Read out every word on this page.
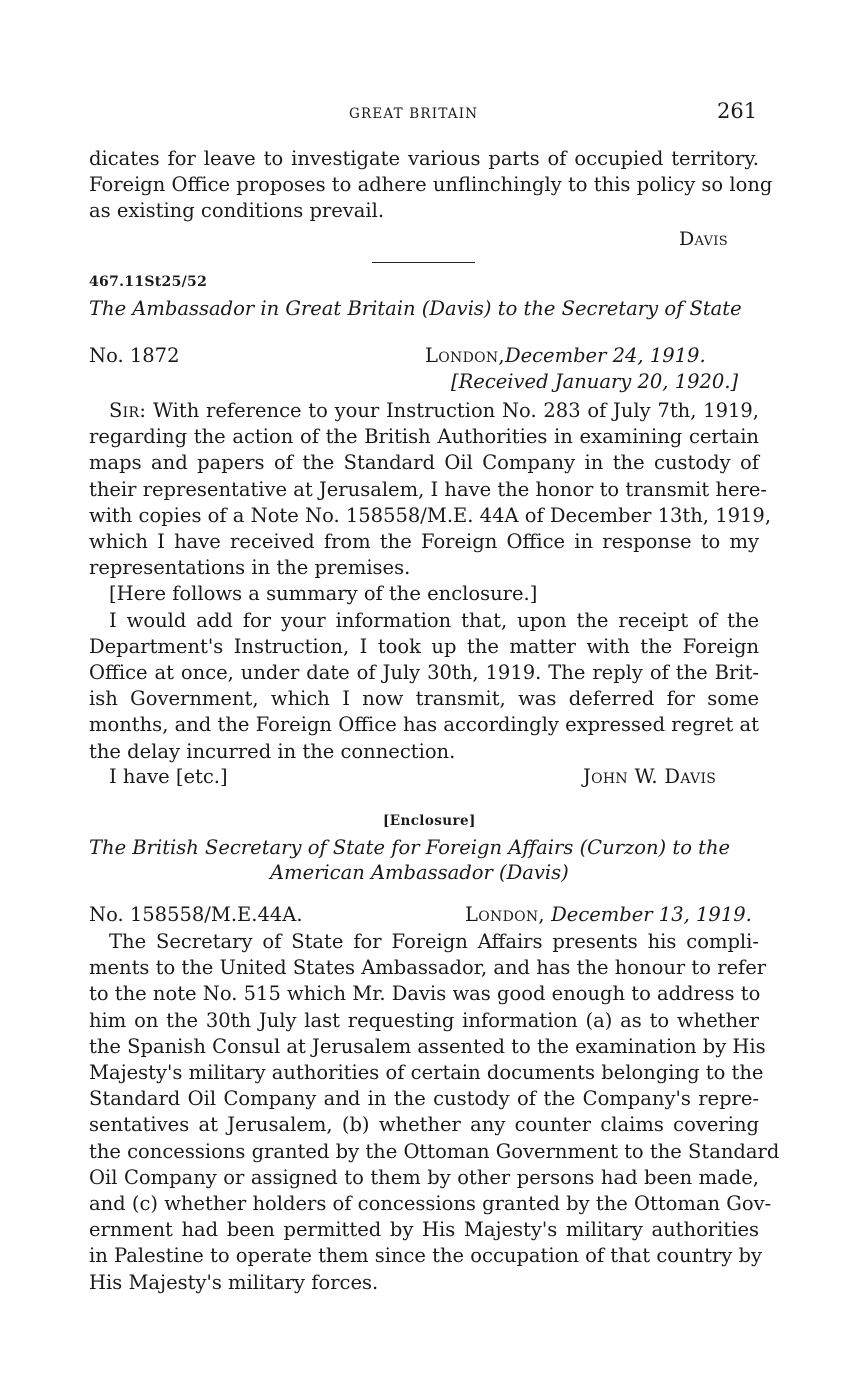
GREAT BRITAIN	261
dicates for leave to investigate various parts of occupied territory.
Foreign Office proposes to adhere unflinchingly to this policy so long
as existing conditions prevail.
Davis
467.11St25/52
The Ambassador in Great Britain (Davis) to the Secretary of State
No. 1872	London,December 24, 1919.
[Received January 20, 1920.]
Sir: With reference to your Instruction No. 283 of July 7th, 1919,
regarding the action of the British Authorities in examining certain
maps and papers of the Standard Oil Company in the custody of
their representative at Jerusalem, I have the honor to transmit here-
with copies of a Note No. 158558/M.E. 44A of December 13th, 1919,
which I have received from the Foreign Office in response to my
representations in the premises.
[Here follows a summary of the enclosure.]
I would add for your information that, upon the receipt of the
Department's Instruction, I took up the matter with the Foreign
Office at once, under date of July 30th, 1919. The reply of the Brit-
ish Government, which I now transmit, was deferred for some
months, and the Foreign Office has accordingly expressed regret at
the delay incurred in the connection.
I have [etc.]	John W. Davis
[Enclosure]
The British Secretary of State for Foreign Affairs (Curzon) to the
American Ambassador (Davis)
No. 158558/M.E.44A.	London, December 13, 1919.
The Secretary of State for Foreign Affairs presents his compli-
ments to the United States Ambassador, and has the honour to refer
to the note No. 515 which Mr. Davis was good enough to address to
him on the 30th July last requesting information (a) as to whether
the Spanish Consul at Jerusalem assented to the examination by His
Majesty's military authorities of certain documents belonging to the
Standard Oil Company and in the custody of the Company's repre-
sentatives at Jerusalem, (b) whether any counter claims covering
the concessions granted by the Ottoman Government to the Standard
Oil Company or assigned to them by other persons had been made,
and (c) whether holders of concessions granted by the Ottoman Gov-
ernment had been permitted by His Majesty's military authorities
in Palestine to operate them since the occupation of that country by
His Majesty's military forces.
